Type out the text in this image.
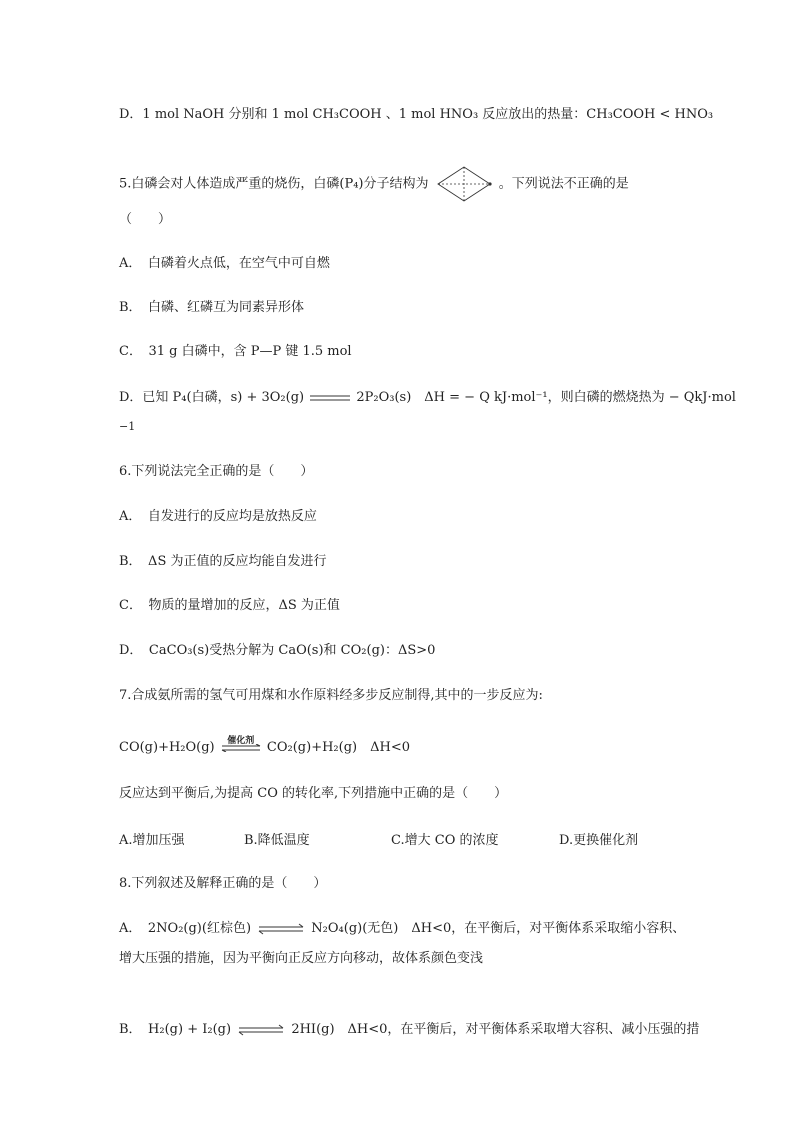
D．1 mol NaOH 分别和 1 mol CH₃COOH 、1 mol HNO₃ 反应放出的热量：CH₃COOH < HNO₃
5.白磷会对人体造成严重的烧伤，白磷(P₄)分子结构为	。下列说法不正确的是
（　　）
A．　白磷着火点低，在空气中可自燃
B．　白磷、红磷互为同素异形体
C．　31 g 白磷中，含 P—P 键 1.5 mol
D．已知 P₄(白磷，s) + 3O₂(g)	2P₂O₃(s)　ΔH = − Q kJ·mol⁻¹，则白磷的燃烧热为 − QkJ·mol
−1
6.下列说法完全正确的是（　　）
A．　自发进行的反应均是放热反应
B．　ΔS 为正值的反应均能自发进行
C．　物质的量增加的反应，ΔS 为正值
D．　CaCO₃(s)受热分解为 CaO(s)和 CO₂(g)：ΔS>0
7.合成氨所需的氢气可用煤和水作原料经多步反应制得,其中的一步反应为:
CO(g)+H₂O(g)	催化剂 CO₂(g)+H₂(g)　ΔH<0
反应达到平衡后,为提高 CO 的转化率,下列措施中正确的是（　　）
A.增加压强	B.降低温度	C.增大 CO 的浓度	D.更换催化剂
8.下列叙述及解释正确的是（　　）
A．　2NO₂(g)(红棕色) ⇌ N₂O₄(g)(无色)　ΔH<0，在平衡后，对平衡体系采取缩小容积、
增大压强的措施，因为平衡向正反应方向移动，故体系颜色变浅
B．　H₂(g) + I₂(g) ⇌ 2HI(g)　ΔH<0，在平衡后，对平衡体系采取增大容积、减小压强的措
